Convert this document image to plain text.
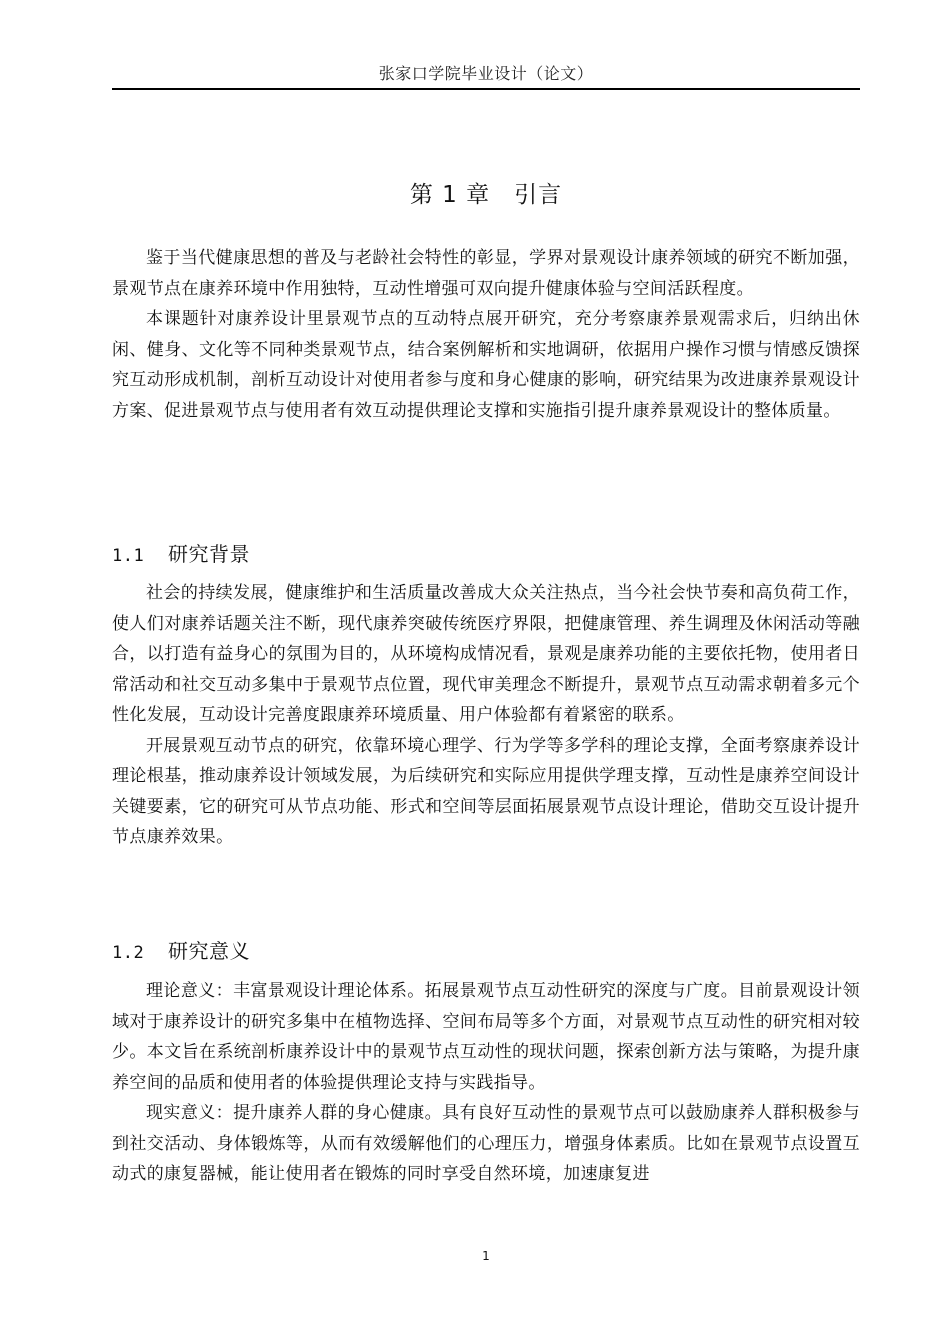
张家口学院毕业设计（论文）
第 1 章　引言

鉴于当代健康思想的普及与老龄社会特性的彰显，学界对景观设计康养领域的研究不断加强，景观节点在康养环境中作用独特，互动性增强可双向提升健康体验与空间活跃程度。

本课题针对康养设计里景观节点的互动特点展开研究，充分考察康养景观需求后，归纳出休闲、健身、文化等不同种类景观节点，结合案例解析和实地调研，依据用户操作习惯与情感反馈探究互动形成机制，剖析互动设计对使用者参与度和身心健康的影响，研究结果为改进康养景观设计方案、促进景观节点与使用者有效互动提供理论支撑和实施指引提升康养景观设计的整体质量。

1.1 研究背景

社会的持续发展，健康维护和生活质量改善成大众关注热点，当今社会快节奏和高负荷工作，使人们对康养话题关注不断，现代康养突破传统医疗界限，把健康管理、养生调理及休闲活动等融合，以打造有益身心的氛围为目的，从环境构成情况看，景观是康养功能的主要依托物，使用者日常活动和社交互动多集中于景观节点位置，现代审美理念不断提升，景观节点互动需求朝着多元个性化发展，互动设计完善度跟康养环境质量、用户体验都有着紧密的联系。

开展景观互动节点的研究，依靠环境心理学、行为学等多学科的理论支撑，全面考察康养设计理论根基，推动康养设计领域发展，为后续研究和实际应用提供学理支撑，互动性是康养空间设计关键要素，它的研究可从节点功能、形式和空间等层面拓展景观节点设计理论，借助交互设计提升节点康养效果。

1.2 研究意义

理论意义：丰富景观设计理论体系。拓展景观节点互动性研究的深度与广度。目前景观设计领域对于康养设计的研究多集中在植物选择、空间布局等多个方面，对景观节点互动性的研究相对较少。本文旨在系统剖析康养设计中的景观节点互动性的现状问题，探索创新方法与策略，为提升康养空间的品质和使用者的体验提供理论支持与实践指导。

现实意义：提升康养人群的身心健康。具有良好互动性的景观节点可以鼓励康养人群积极参与到社交活动、身体锻炼等，从而有效缓解他们的心理压力，增强身体素质。比如在景观节点设置互动式的康复器械，能让使用者在锻炼的同时享受自然环境，加速康复进

1
